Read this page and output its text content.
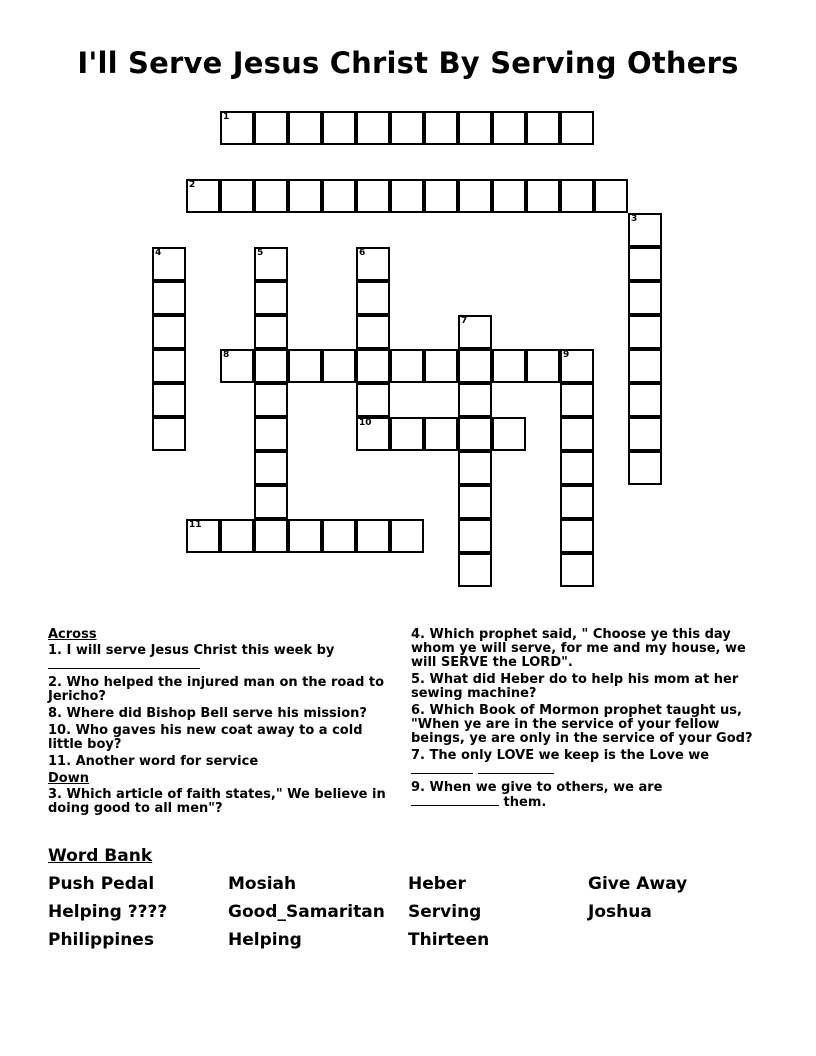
I'll Serve Jesus Christ By Serving Others
1
2
3
4	5	6
10
7
8	9
11

Across

1. I will serve Jesus Christ this week by

2. Who helped the injured man on the road to Jericho?

8. Where did Bishop Bell serve his mission?

10. Who gaves his new coat away to a cold little boy?

11. Another word for service

Down

3. Which article of faith states," We believe in doing good to all men"?

4. Which prophet said, " Choose ye this day whom ye will serve, for me and my house, we will SERVE the LORD".

5. What did Heber do to help his mom at her sewing machine?

6. Which Book of Mormon prophet taught us, "When ye are in the service of your fellow beings, ye are only in the service of your God?

7. The only LOVE we keep is the Love we

9. When we give to others, we are
them.

Word Bank

Push Pedal	Mosiah	Heber	Give Away
Helping ????	Good_Samaritan Serving	Joshua
Philippines	Helping	Thirteen
